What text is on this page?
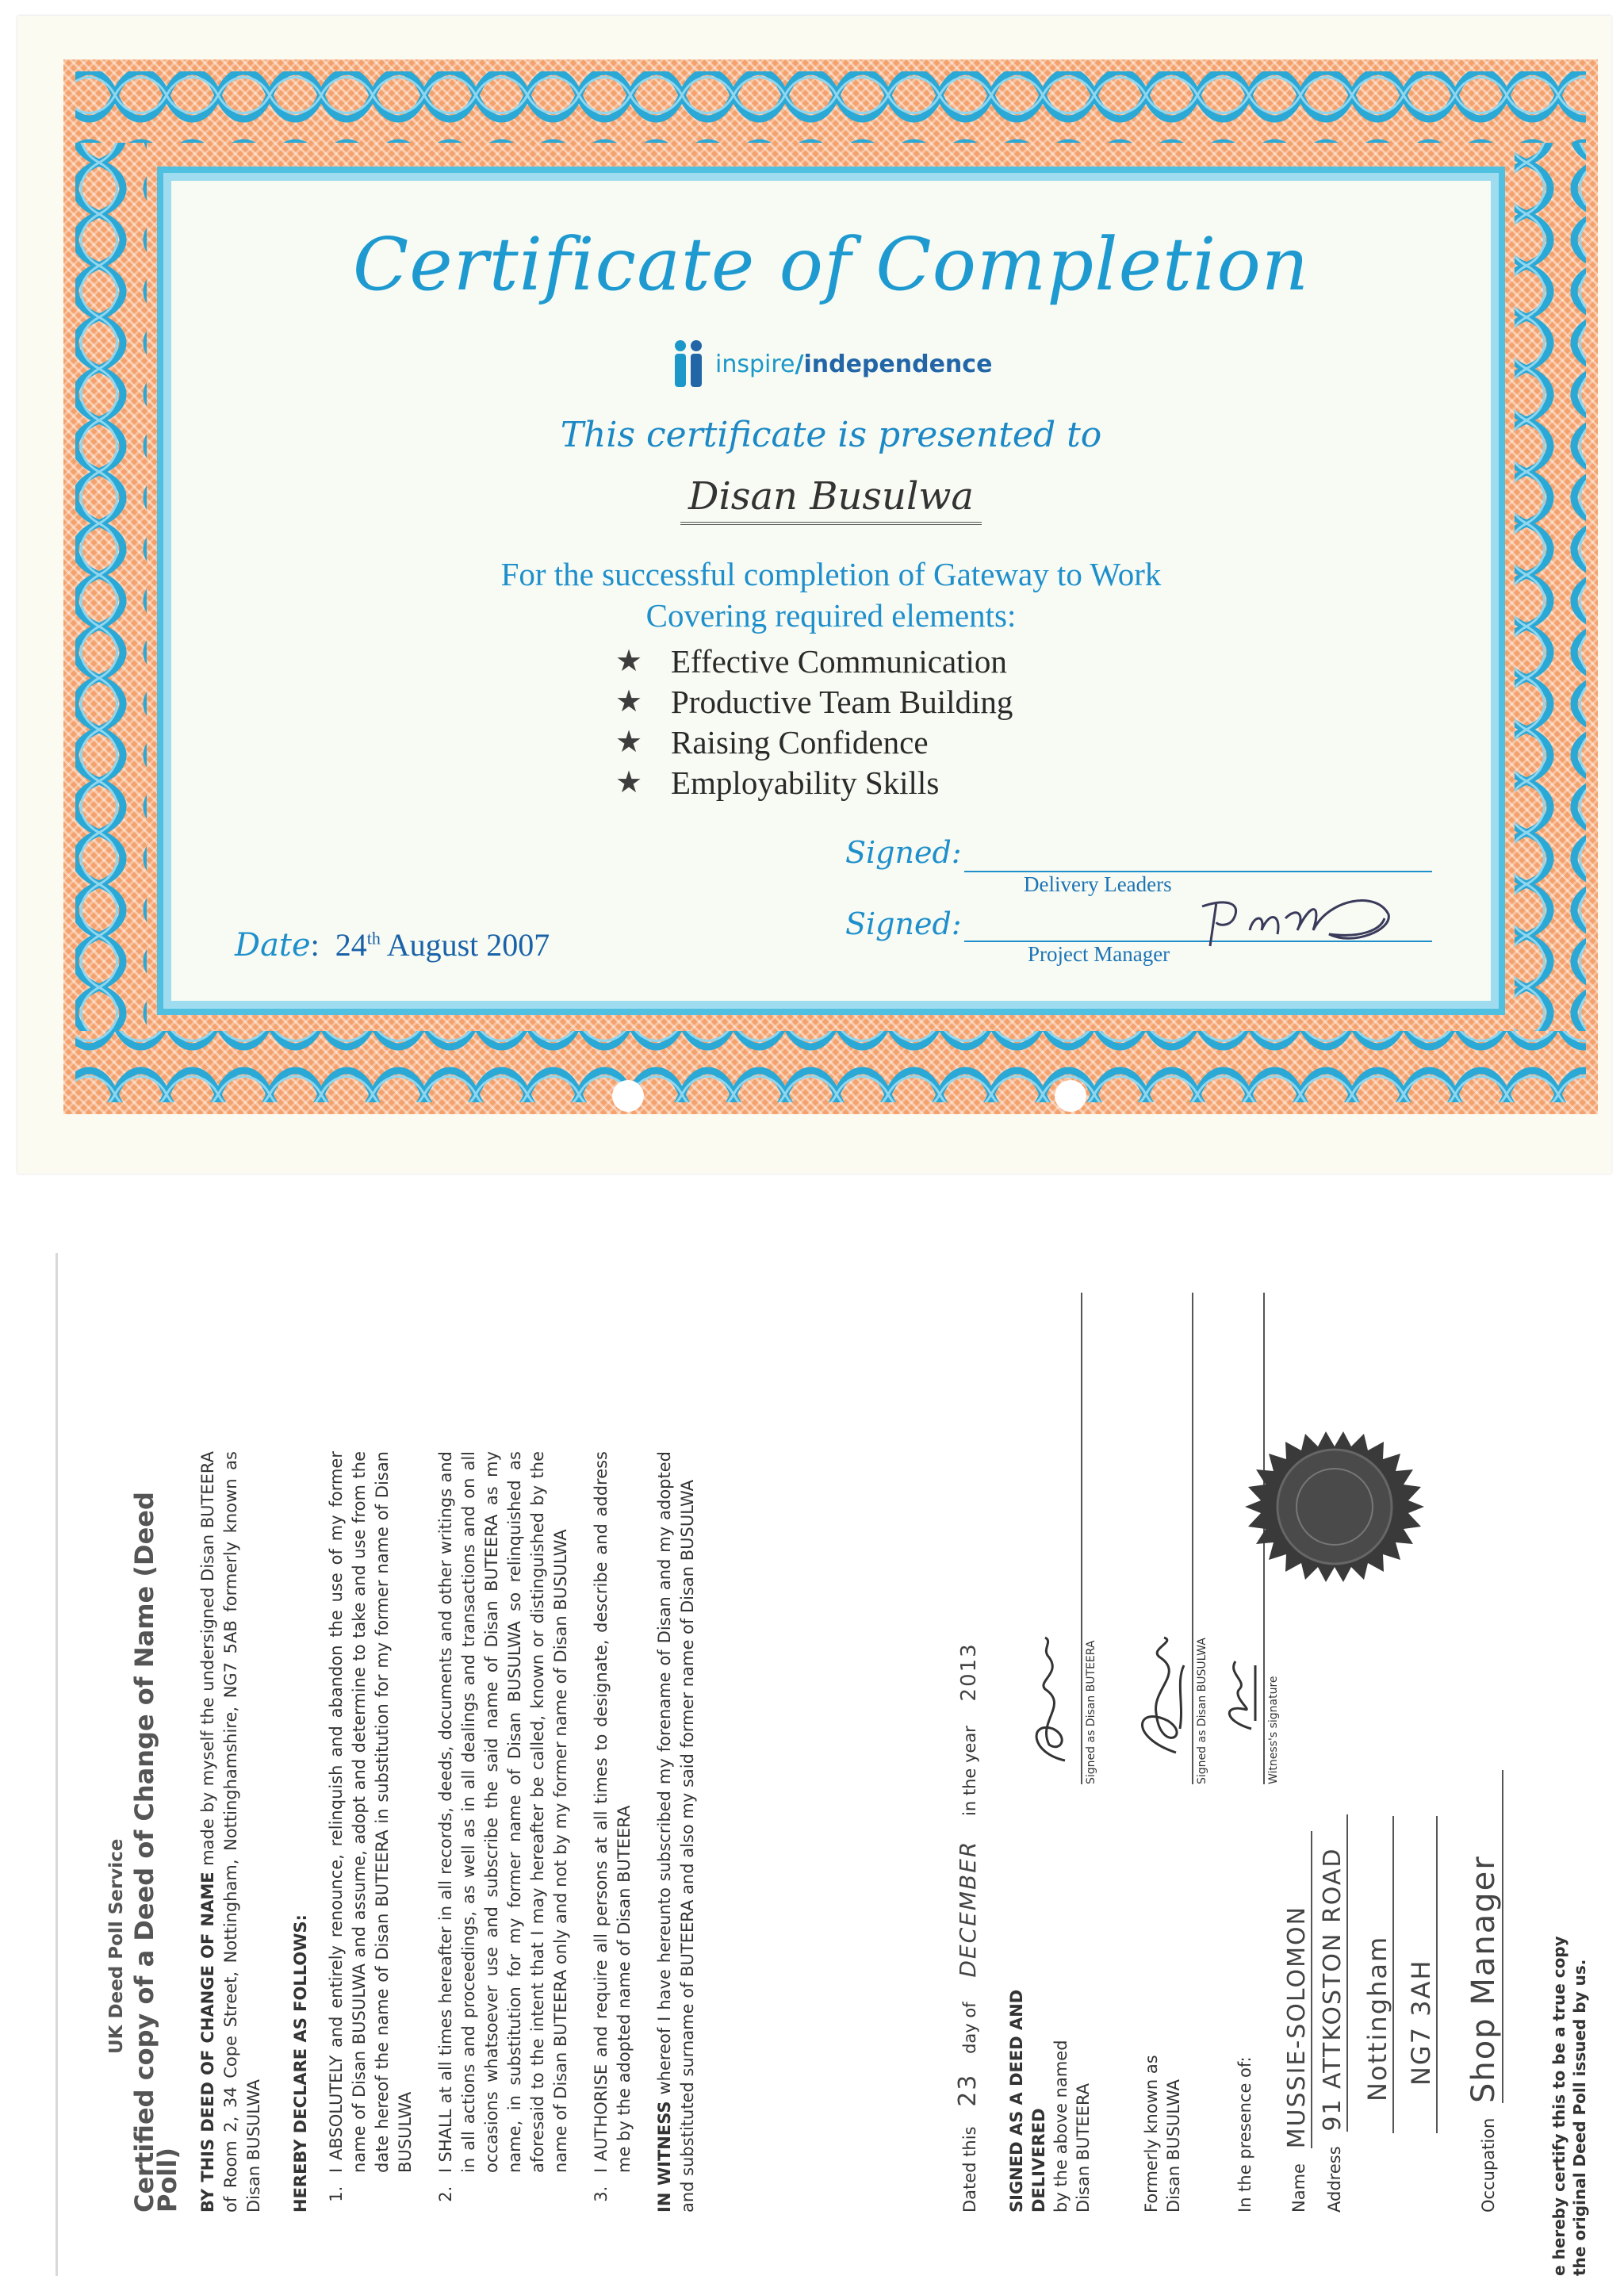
Certificate of Completion
inspire/independence
This certificate is presented to
Disan Busulwa
For the successful completion of Gateway to Work
Covering required elements:
★ Effective Communication
★ Productive Team Building
★ Raising Confidence
★ Employability Skills
Signed:
Delivery Leaders
Signed:
Project Manager
Date:  24th August 2007
UK Deed Poll Service Certified copy of a Deed of Change of Name (Deed Poll) BY THIS DEED OF CHANGE OF NAME made by myself the undersigned Disan BUTEERA of Room 2, 34 Cope Street, Nottingham, Nottinghamshire, NG7 5AB formerly known as Disan BUSULWA HEREBY DECLARE AS FOLLOWS: 1. I ABSOLUTELY and entirely renounce, relinquish and abandon the use of my former name of Disan BUSULWA and assume, adopt and determine to take and use from the date hereof the name of Disan BUTEERA in substitution for my former name of Disan BUSULWA 2. I SHALL at all times hereafter in all records, deeds, documents and other writings and in all actions and proceedings, as well as in all dealings and transactions and on all occasions whatsoever use and subscribe the said name of Disan BUTEERA as my name, in substitution for my former name of Disan BUSULWA so relinquished as aforesaid to the intent that I may hereafter be called, known or distinguished by the name of Disan BUTEERA only and not by my former name of Disan BUSULWA 3. I AUTHORISE and require all persons at all times to designate, describe and address me by the adopted name of Disan BUTEERA IN WITNESS whereof I have hereunto subscribed my forename of Disan and my adopted and substituted surname of BUTEERA and also my said former name of Disan BUSULWA	Dated this 23 day of DECEMBER in the year 2013
SIGNED AS A DEED AND DELIVERED by the above named Disan BUTEERA
Signed as Disan BUTEERA
Formerly known as Disan BUSULWA
Signed as Disan BUSULWA
In the presence of:
Witness's signature
Name MUSSIE-SOLOMON
Address 91 ATTKOSTON ROAD Nottingham NG7 3AH
Occupation Shop Manager	e hereby certify this to be a true copy the original Deed Poll issued by us.
